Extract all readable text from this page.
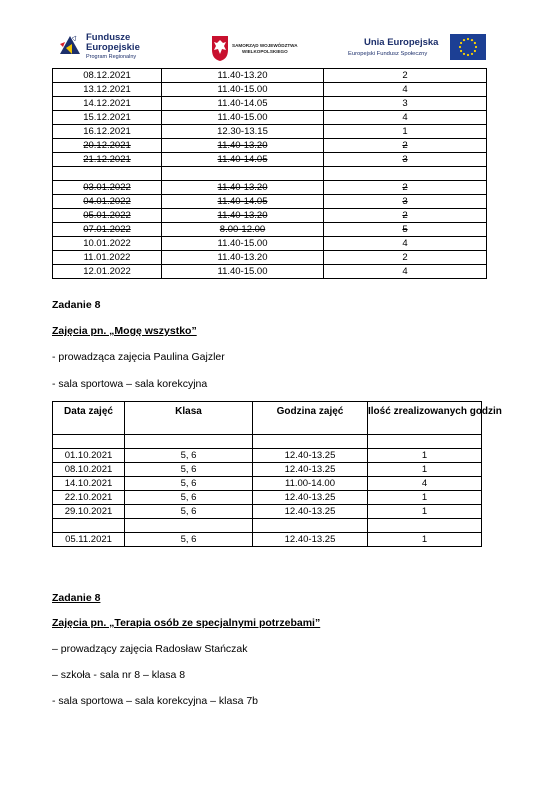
Fundusze
Europejskie
Program Regionalny
SAMORZĄD WOJEWÓDZTWA
WIELKOPOLSKIEGO
Unia Europejska
Europejski Fundusz Społeczny
08.12.2021	11.40-13.20	2
13.12.2021	11.40-15.00	4
14.12.2021	11.40-14.05	3
15.12.2021	11.40-15.00	4
16.12.2021	12.30-13.15	1
20.12.2021	11.40-13.20	2
21.12.2021	11.40-14.05	3

03.01.2022	11.40-13.20	2
04.01.2022	11.40-14.05	3
05.01.2022	11.40-13.20	2
07.01.2022	8.00-12.00	5
10.01.2022	11.40-15.00	4
11.01.2022	11.40-13.20	2
12.01.2022	11.40-15.00	4
Zadanie 8
Zajęcia pn. „Mogę wszystko”
- prowadząca zajęcia Paulina Gajzler
- sala sportowa – sala korekcyjna
Data zajęć	Klasa	Godzina zajęć	Ilość zrealizowanych godzin

01.10.2021	5, 6	12.40-13.25	1
08.10.2021	5, 6	12.40-13.25	1
14.10.2021	5, 6	11.00-14.00	4
22.10.2021	5, 6	12.40-13.25	1
29.10.2021	5, 6	12.40-13.25	1

05.11.2021	5, 6	12.40-13.25	1
Zadanie 8
Zajęcia pn. „Terapia osób ze specjalnymi potrzebami”
– prowadzący zajęcia Radosław Stańczak
– szkoła - sala nr 8 – klasa 8
- sala sportowa – sala korekcyjna – klasa 7b
